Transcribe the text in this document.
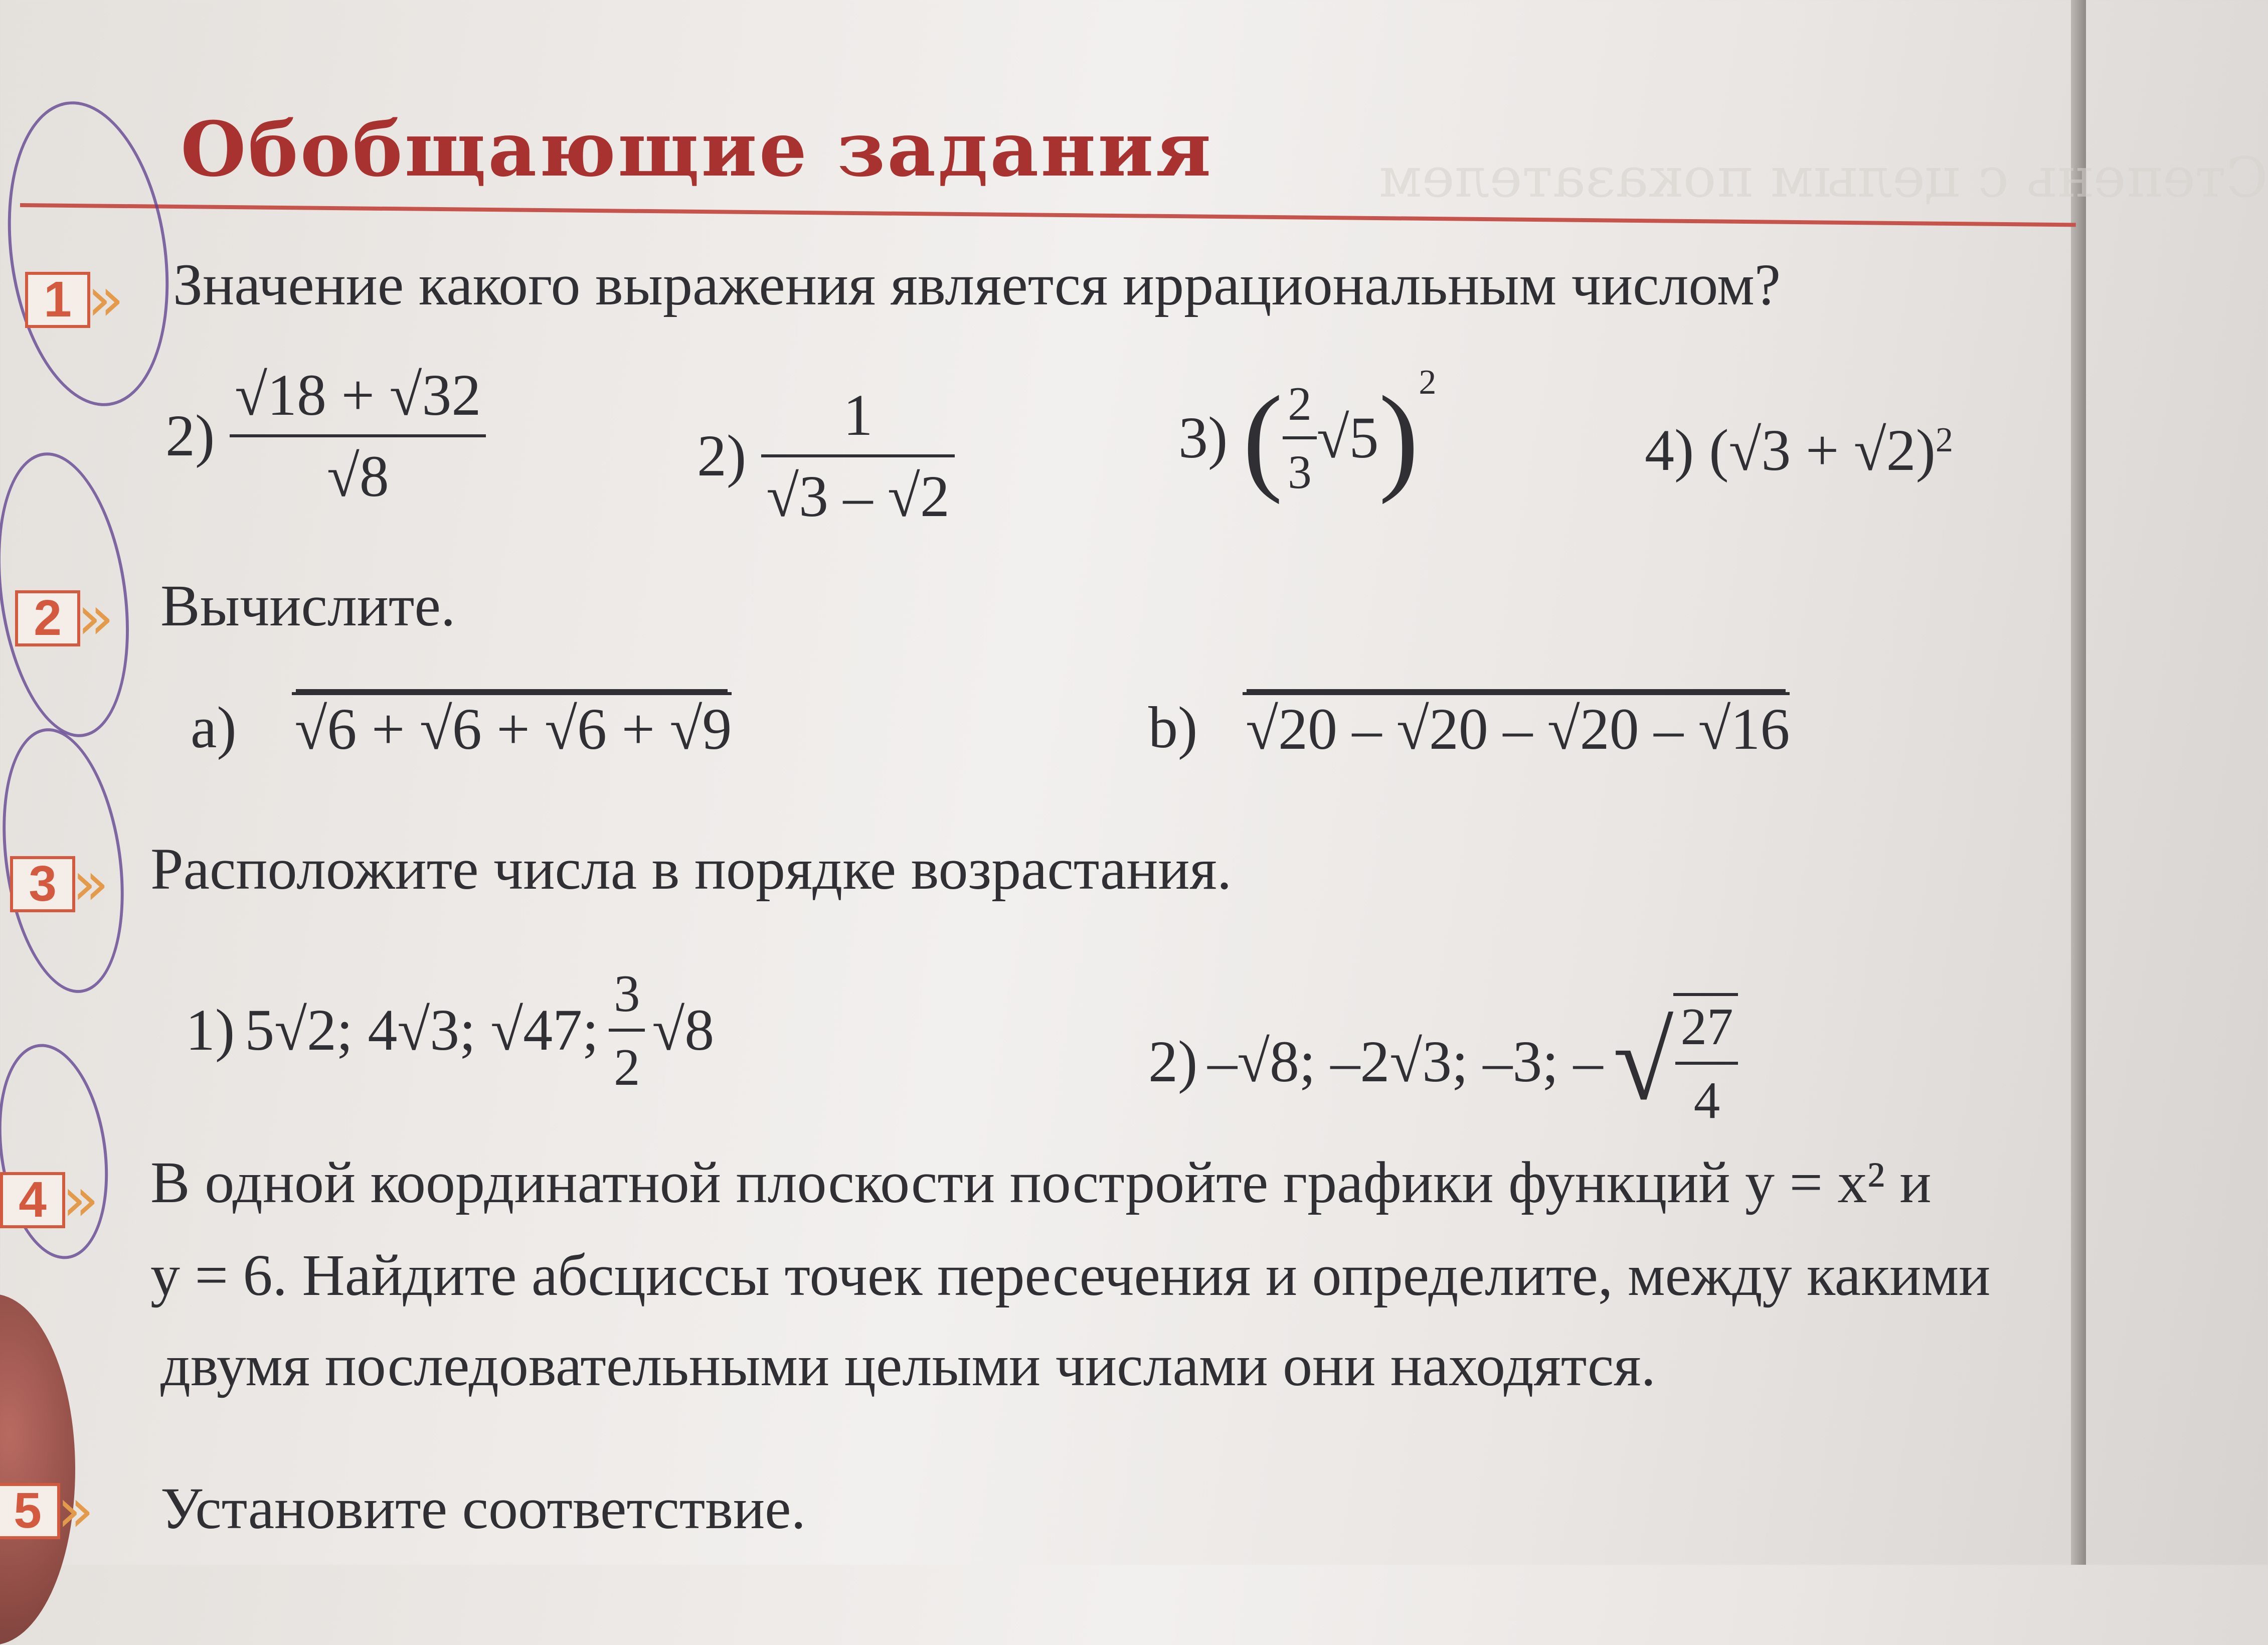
Степень с целым показателем
Обобщающие задания
1 » Значение какого выражения является иррациональным числом?

2)
√18 + √32
√8	2)
1
√3 – √2
3) ( 2
3
√5 )$^2$
4) $(√3 + √2)^2$
2 » Вычислите.

a) √6 + √6 + √6 + √9	b) √20 – √20 – √20 – √16
3 » Расположите числа в порядке возрастания.

1) 5√2; 4√3; √47;
3
2
√8	2) –√8; –2√3; –3; – √ 27
4
4 » В одной координатной плоскости постройте графики функций y = x² и

y = 6. Найдите абсциссы точек пересечения и определите, между какими

двумя последовательными целыми числами они находятся.

5 » Установите соответствие.
